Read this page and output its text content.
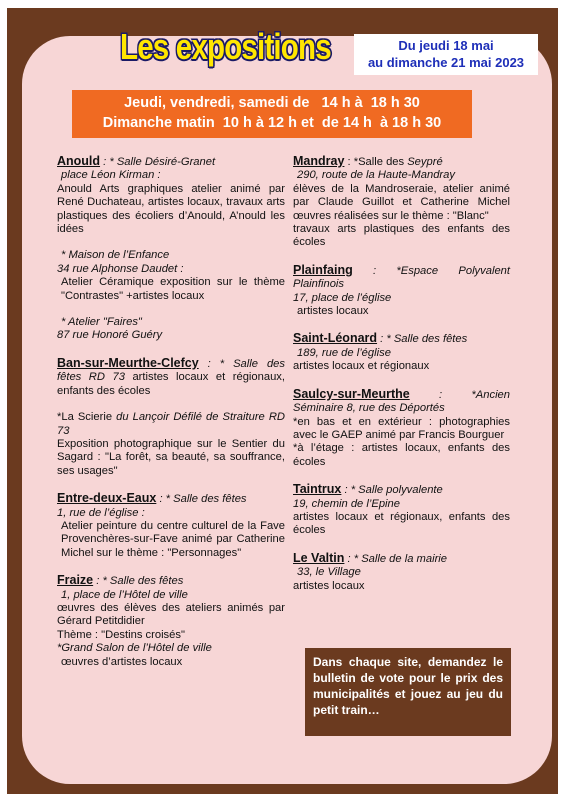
Les expositions	Du jeudi 18 mai
au dimanche 21 mai 2023
Jeudi, vendredi, samedi de   14 h à  18 h 30
Dimanche matin  10 h à 12 h et  de 14 h  à 18 h 30

Anould : * Salle Désiré-Granet

place Léon Kirman :

Anould Arts graphiques atelier animé par René Duchateau, artistes locaux, travaux arts plastiques des écoliers d’Anould, A’nould les idées

* Maison de l’Enfance

34 rue Alphonse Daudet :

Atelier Céramique exposition sur le thème "Contrastes" +artistes locaux

* Atelier "Faires"

87 rue Honoré Guéry

Ban-sur-Meurthe-Clefcy : * Salle des fêtes RD 73 artistes locaux et régionaux, enfants des écoles

*La Scierie du Lançoir Défilé de Straiture RD 73

Exposition photographique sur le Sentier du Sagard : "La forêt, sa beauté, sa souffrance, ses usages"

Entre-deux-Eaux : * Salle des fêtes

1, rue de l’église :

Atelier peinture du centre culturel de la Fave Provenchères-sur-Fave animé par Catherine Michel sur le thème : "Personnages"

Fraize : * Salle des fêtes

1, place de l’Hôtel de ville

œuvres des élèves des ateliers animés par Gérard Petitdidier

Thème : "Destins croisés"

*Grand Salon de l’Hôtel de ville

œuvres d’artistes locaux

Mandray : *Salle des Seypré

290, route de la Haute-Mandray

élèves de la Mandroseraie, atelier animé par Claude Guillot et Catherine Michel œuvres réalisées sur le thème : "Blanc"

travaux arts plastiques des enfants des écoles

Plainfaing : *Espace Polyvalent Plainfinois

17, place de l’église

artistes locaux

Saint-Léonard : * Salle des fêtes

189, rue de l’église

artistes locaux et régionaux

Saulcy-sur-Meurthe : *Ancien Séminaire 8, rue des Déportés

*en bas et en extérieur : photographies avec le GAEP animé par Francis Bourguer

*à l’étage : artistes locaux, enfants des écoles

Taintrux : * Salle polyvalente

19, chemin de l’Epine

artistes locaux et régionaux, enfants des écoles

Le Valtin : * Salle de la mairie

33, le Village

artistes locaux

Dans chaque site, demandez le bulletin de vote pour le prix des municipalités et jouez au jeu du petit train…
